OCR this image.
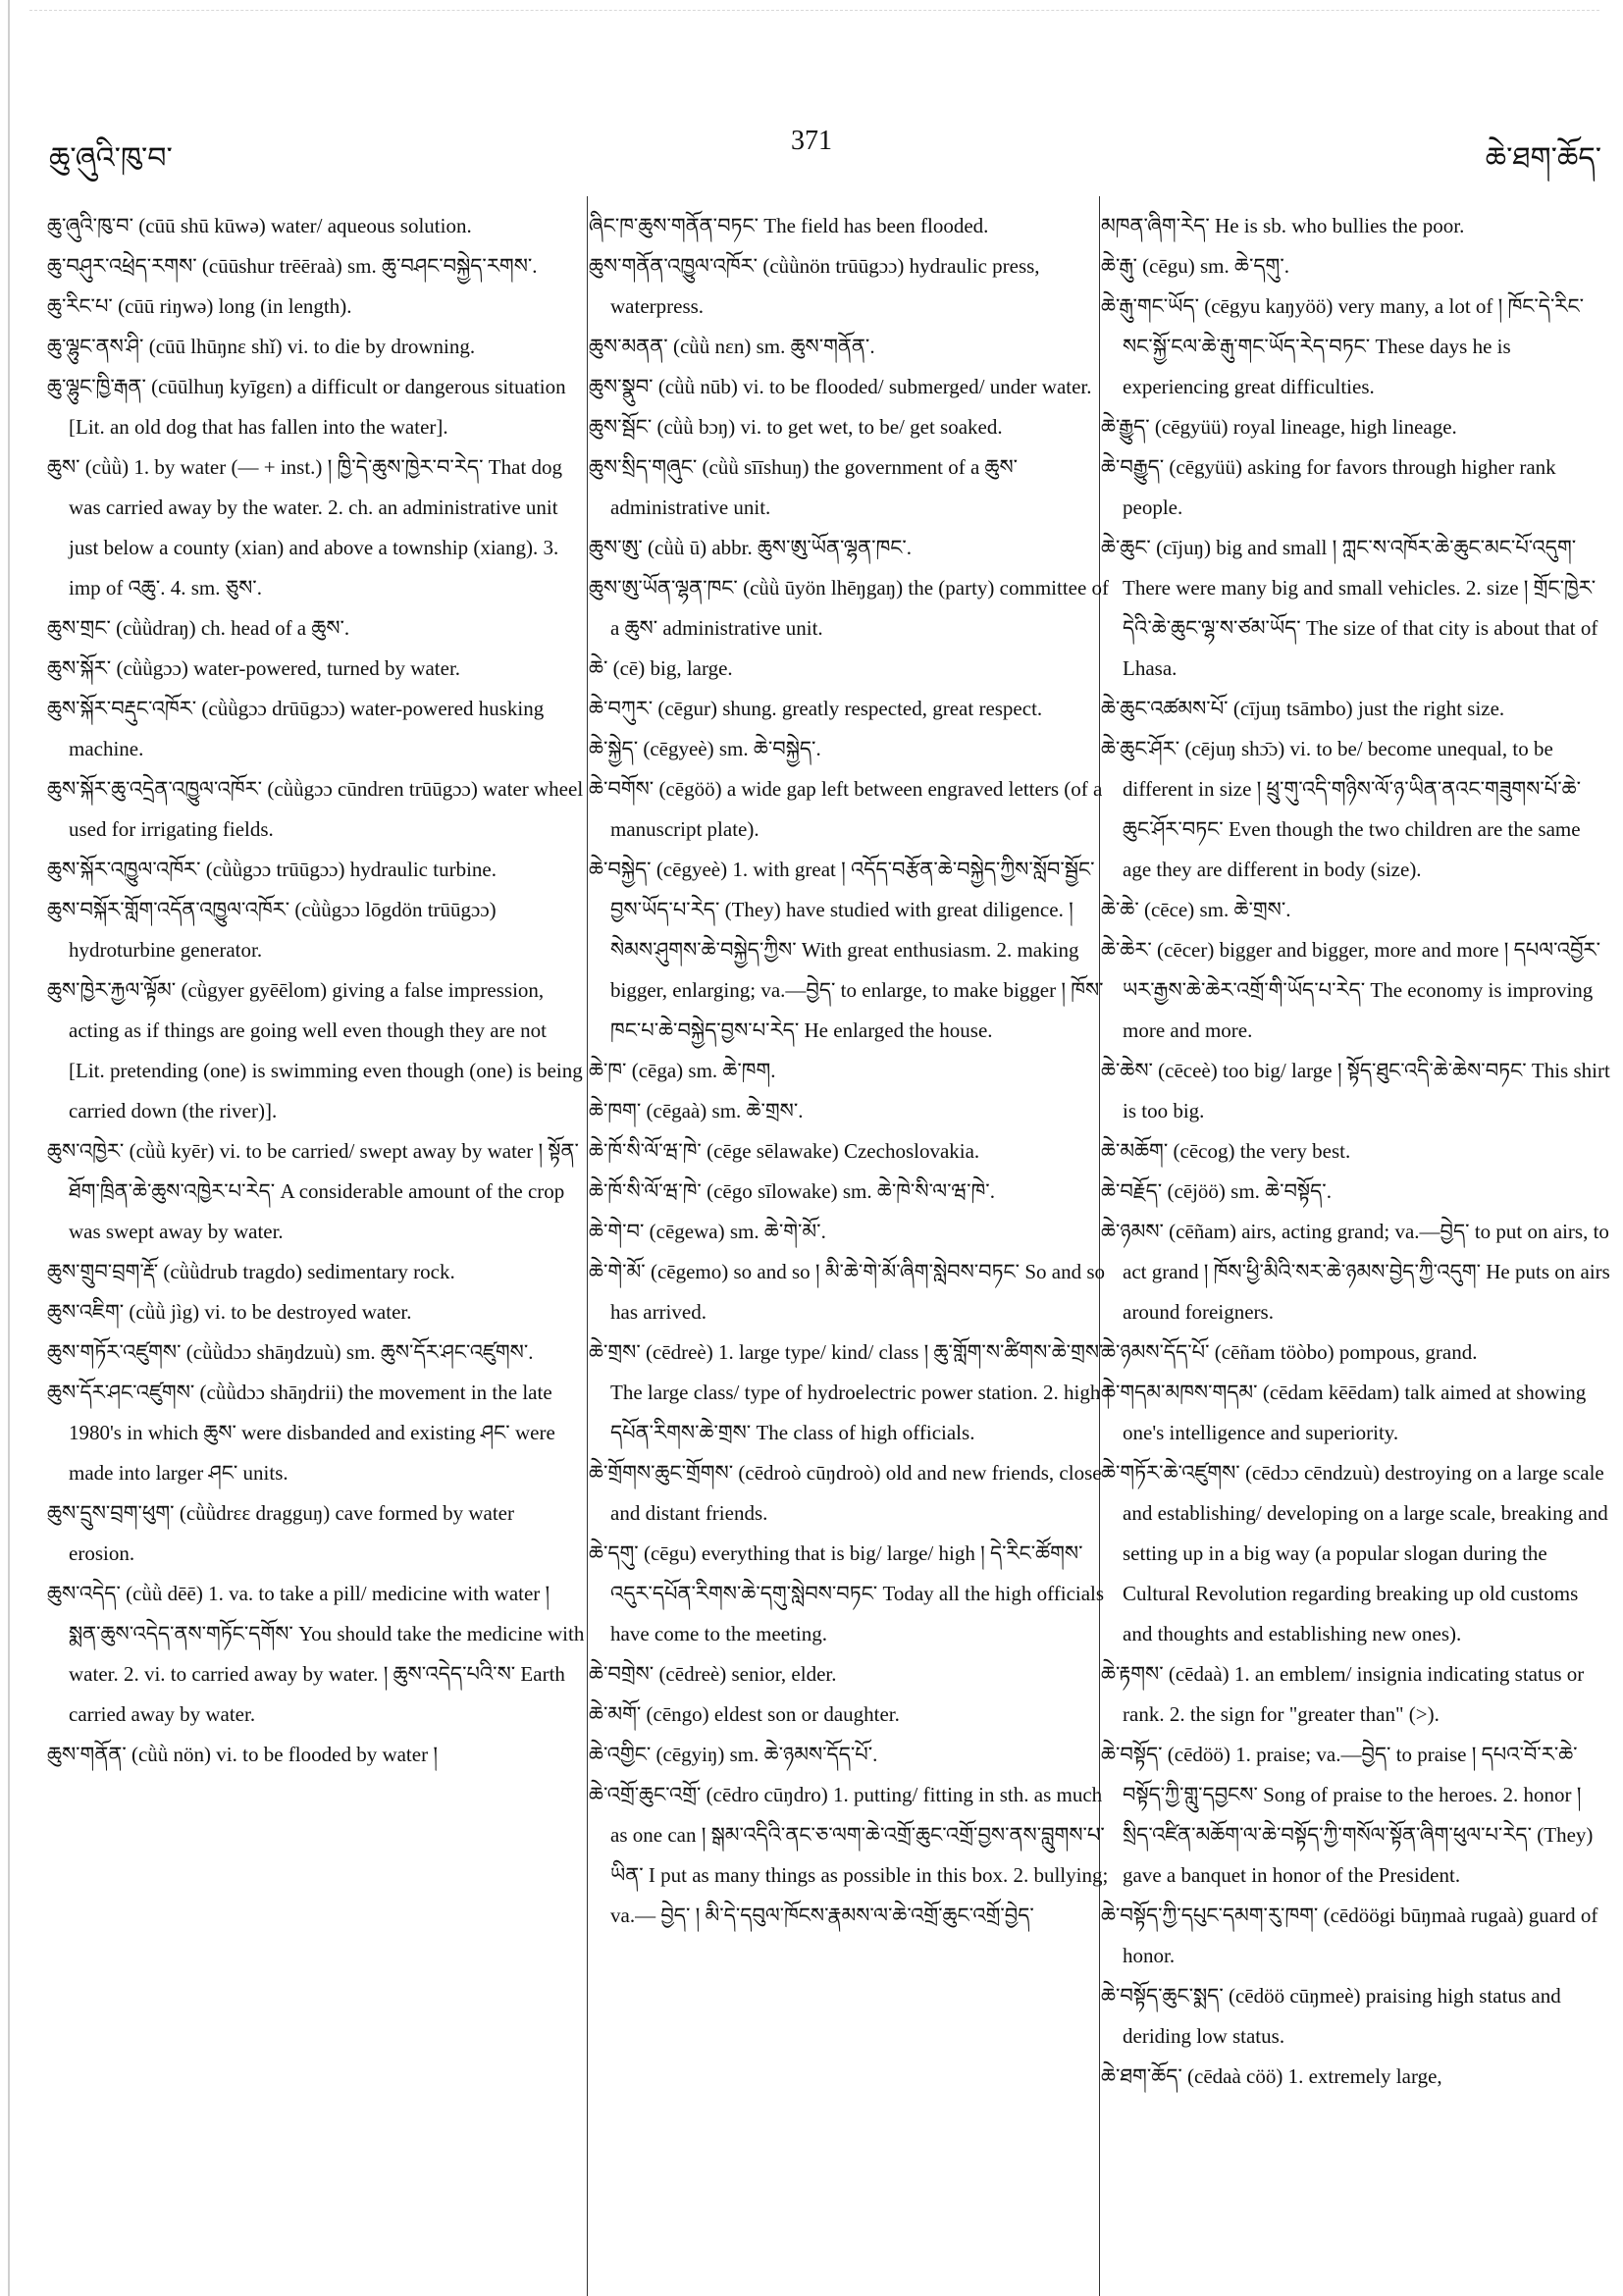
ཆུ་ཞུའི་ཁུ་བ་
371
ཆེ་ཐག་ཆོད་

ཆུ་ཞུའི་ཁུ་བ་ (cūū shū kūwə) water/ aqueous solution.

ཆུ་བཤུར་འཕྲེད་རགས་ (cūūshur trēēraà) sm. ཆུ་བཤང་བསྐྱེད་རགས་.

ཆུ་རིང་པ་ (cūū riŋwə) long (in length).

ཆུ་ལྷུང་ནས་ཤི་ (cūū lhūŋnɛ shǐ) vi. to die by drowning.

ཆུ་ལྷུང་ཁྱི་རྒན་ (cūūlhuŋ kyīgɛn) a difficult or dangerous situation [Lit. an old dog that has fallen into the water].

ཆུས་ (cǜǜ) 1. by water (— + inst.) ། ཁྱི་དེ་ཆུས་ཁྱེར་བ་རེད་ That dog was carried away by the water. 2. ch. an administrative unit just below a county (xian) and above a township (xiang). 3. imp of འཆུ་. 4. sm. ཅུས་.

ཆུས་གྲང་ (cǜǜdraŋ) ch. head of a ཆུས་.

ཆུས་སྐོར་ (cǜǜgɔɔ) water-powered, turned by water.

ཆུས་སྐོར་བརྡུང་འཁོར་ (cǜǜgɔɔ drūūgɔɔ) water-powered husking machine.

ཆུས་སྐོར་ཆུ་འདྲེན་འཁྱུལ་འཁོར་ (cǜǜgɔɔ cūndren trūūgɔɔ) water wheel used for irrigating fields.

ཆུས་སྐོར་འཁྱུལ་འཁོར་ (cǜǜgɔɔ trūūgɔɔ) hydraulic turbine.

ཆུས་བསྐོར་གློག་འདོན་འཁྱུལ་འཁོར་ (cǜǜgɔɔ lōgdön trūūgɔɔ) hydroturbine generator.

ཆུས་ཁྱེར་རྐྱལ་ལྟོམ་ (cǜgyer gyēēlom) giving a false impression, acting as if things are going well even though they are not [Lit. pretending (one) is swimming even though (one) is being carried down (the river)].

ཆུས་འཁྱེར་ (cǜǜ kyēr) vi. to be carried/ swept away by water ། སྟོན་ཐོག་ཁྲིན་ཆེ་ཆུས་འཁྱེར་པ་རེད་ A considerable amount of the crop was swept away by water.

ཆུས་གྲུབ་བྲག་རྡོ་ (cǜǜdrub tragdo) sedimentary rock.

ཆུས་འཇིག་ (cǜǜ jìg) vi. to be destroyed water.

ཆུས་གཏོར་འཛུགས་ (cǜǜdɔɔ shāŋdzuù) sm. ཆུས་དོར་ཤང་འཛུགས་.

ཆུས་དོར་ཤང་འཛུགས་ (cǜǜdɔɔ shāŋdrii) the movement in the late 1980's in which ཆུས་ were disbanded and existing ཤང་ were made into larger ཤང་ units.

ཆུས་དྲུས་བྲག་ཕུག་ (cǜǜdrɛɛ dragguŋ) cave formed by water erosion.

ཆུས་འདེད་ (cǜǜ dēē) 1. va. to take a pill/ medicine with water ། སྨན་ཆུས་འདེད་ནས་གཏོང་དགོས་ You should take the medicine with water. 2. vi. to carried away by water. ། ཆུས་འདེད་པའི་ས་ Earth carried away by water.

ཆུས་གནོན་ (cǜǜ nön) vi. to be flooded by water །

ཞིང་ཁ་ཆུས་གནོན་བཏང་ The field has been flooded.

ཆུས་གནོན་འཁྱུལ་འཁོར་ (cǜǜnön trūūgɔɔ) hydraulic press, waterpress.

ཆུས་མནན་ (cǜǜ nɛn) sm. ཆུས་གནོན་.

ཆུས་སྣུབ་ (cǜǜ nūb) vi. to be flooded/ submerged/ under water.

ཆུས་སྦོང་ (cǜǜ bɔŋ) vi. to get wet, to be/ get soaked.

ཆུས་སྲིད་གཞུང་ (cǜǜ sīīshuŋ) the government of a ཆུས་ administrative unit.

ཆུས་ཨུ་ (cǜǜ ū) abbr. ཆུས་ཨུ་ཡོན་ལྷན་ཁང་.

ཆུས་ཨུ་ཡོན་ལྷན་ཁང་ (cǜǜ ūyön lhēŋgaŋ) the (party) committee of a ཆུས་ administrative unit.

ཆེ་ (cē) big, large.

ཆེ་བཀུར་ (cēgur) shung. greatly respected, great respect.

ཆེ་སྐྱེད་ (cēgyeè) sm. ཆེ་བསྐྱེད་.

ཆེ་བགོས་ (cēgöö) a wide gap left between engraved letters (of a manuscript plate).

ཆེ་བསྐྱེད་ (cēgyeè) 1. with great ། འདོད་བརྩོན་ཆེ་བསྐྱེད་ཀྱིས་སློབ་སྦྱོང་བྱས་ཡོད་པ་རེད་ (They) have studied with great diligence. ། སེམས་ཤུགས་ཆེ་བསྐྱེད་ཀྱིས་ With great enthusiasm. 2. making bigger, enlarging; va.—བྱེད་ to enlarge, to make bigger ། ཁོས་ཁང་པ་ཆེ་བསྐྱེད་བྱས་པ་རེད་ He enlarged the house.

ཆེ་ཁ་ (cēga) sm. ཆེ་ཁག.

ཆེ་ཁག་ (cēgaà) sm. ཆེ་གྲས་.

ཆེ་ཁོ་སི་ལོ་ཝ་ཁེ་ (cēge sēlawake) Czechoslovakia.

ཆེ་ཁོ་སི་ལོ་ཝ་ཁེ་ (cēgo sīlowake) sm. ཆེ་ཁེ་སི་ལ་ཝ་ཁེ་.

ཆེ་གེ་བ་ (cēgewa) sm. ཆེ་གེ་མོ་.

ཆེ་གེ་མོ་ (cēgemo) so and so ། མི་ཆེ་གེ་མོ་ཞིག་སླེབས་བཏང་ So and so has arrived.

ཆེ་གྲས་ (cēdreè) 1. large type/ kind/ class ། ཆུ་གློག་ས་ཚིགས་ཆེ་གྲས་ The large class/ type of hydroelectric power station. 2. high ། དཔོན་རིགས་ཆེ་གྲས་ The class of high officials.

ཆེ་གྲོགས་ཆུང་གྲོགས་ (cēdroò cūŋdroò) old and new friends, close and distant friends.

ཆེ་དགུ་ (cēgu) everything that is big/ large/ high ། དེ་རིང་ཚོགས་འདུར་དཔོན་རིགས་ཆེ་དགུ་སླེབས་བཏང་ Today all the high officials have come to the meeting.

ཆེ་བགྲེས་ (cēdreè) senior, elder.

ཆེ་མགོ་ (cēngo) eldest son or daughter.

ཆེ་འགྱིང་ (cēgyiŋ) sm. ཆེ་ཉམས་དོད་པོ་.

ཆེ་འགྲོ་ཆུང་འགྲོ་ (cēdro cūŋdro) 1. putting/ fitting in sth. as much as one can ། སྒམ་འདིའི་ནང་ཅ་ལག་ཆེ་འགྲོ་ཆུང་འགྲོ་བྱས་ནས་བླུགས་པ་ཡིན་ I put as many things as possible in this box. 2. bullying; va.— བྱེད་ ། མི་དེ་དབུལ་ཁོངས་རྣམས་ལ་ཆེ་འགྲོ་ཆུང་འགྲོ་བྱེད་

མཁན་ཞིག་རེད་ He is sb. who bullies the poor.

ཆེ་རྒུ་ (cēgu) sm. ཆེ་དགུ་.

ཆེ་རྒུ་གང་ཡོད་ (cēgyu kaŋyöö) very many, a lot of ། ཁོང་དེ་རིང་སང་སྐྱོ་ངལ་ཆེ་རྒུ་གང་ཡོད་རེད་བཏང་ These days he is experiencing great difficulties.

ཆེ་རྒྱུད་ (cēgyüü) royal lineage, high lineage.

ཆེ་བརྒྱུད་ (cēgyüü) asking for favors through higher rank people.

ཆེ་ཆུང་ (cījuŋ) big and small ། ཀླང་ས་འཁོར་ཆེ་ཆུང་མང་པོ་འདུག་ There were many big and small vehicles. 2. size ། གྲོང་ཁྱེར་དེའི་ཆེ་ཆུང་ལྷ་ས་ཙམ་ཡོད་ The size of that city is about that of Lhasa.

ཆེ་ཆུང་འཚམས་པོ་ (cījuŋ tsāmbo) just the right size.

ཆེ་ཆུང་ཤོར་ (cējuŋ shɔ̄ɔ) vi. to be/ become unequal, to be different in size ། ཕྲུ་གུ་འདི་གཉིས་ལོ་ཉ་ཡིན་ནའང་གཟུགས་པོ་ཆེ་ཆུང་ཤོར་བཏང་ Even though the two children are the same age they are different in body (size).

ཆེ་ཆེ་ (cēce) sm. ཆེ་གྲས་.

ཆེ་ཆེར་ (cēcer) bigger and bigger, more and more ། དཔལ་འབྱོར་ཡར་རྒྱས་ཆེ་ཆེར་འགྲོ་གི་ཡོད་པ་རེད་ The economy is improving more and more.

ཆེ་ཆེས་ (cēceè) too big/ large ། སྟོད་ཐུང་འདི་ཆེ་ཆེས་བཏང་ This shirt is too big.

ཆེ་མཆོག་ (cēcog) the very best.

ཆེ་བརྗོད་ (cējöö) sm. ཆེ་བསྟོད་.

ཆེ་ཉམས་ (cēñam) airs, acting grand; va.—བྱེད་ to put on airs, to act grand ། ཁོས་ཕྱི་མིའི་སར་ཆེ་ཉམས་བྱེད་ཀྱི་འདུག་ He puts on airs around foreigners.

ཆེ་ཉམས་དོད་པོ་ (cēñam töòbo) pompous, grand.

ཆེ་གདམ་མཁས་གདམ་ (cēdam kēēdam) talk aimed at showing one's intelligence and superiority.

ཆེ་གཏོར་ཆེ་འཛུགས་ (cēdɔɔ cēndzuù) destroying on a large scale and establishing/ developing on a large scale, breaking and setting up in a big way (a popular slogan during the Cultural Revolution regarding breaking up old customs and thoughts and establishing new ones).

ཆེ་རྟགས་ (cēdaà) 1. an emblem/ insignia indicating status or rank. 2. the sign for "greater than" (>).

ཆེ་བསྟོད་ (cēdöö) 1. praise; va.—བྱེད་ to praise ། དཔའ་བོ་ར་ཆེ་བསྟོད་ཀྱི་གླུ་དབྱངས་ Song of praise to the heroes. 2. honor ། སྲིད་འཛིན་མཆོག་ལ་ཆེ་བསྟོད་ཀྱི་གསོལ་སྟོན་ཞིག་ཕུལ་པ་རེད་ (They) gave a banquet in honor of the President.

ཆེ་བསྟོད་ཀྱི་དཔུང་དམག་རུ་ཁག་ (cēdöögi būŋmaà rugaà) guard of honor.

ཆེ་བསྟོད་ཆུང་སྨད་ (cēdöö cūŋmeè) praising high status and deriding low status.

ཆེ་ཐག་ཆོད་ (cēdaà cöö) 1. extremely large,
